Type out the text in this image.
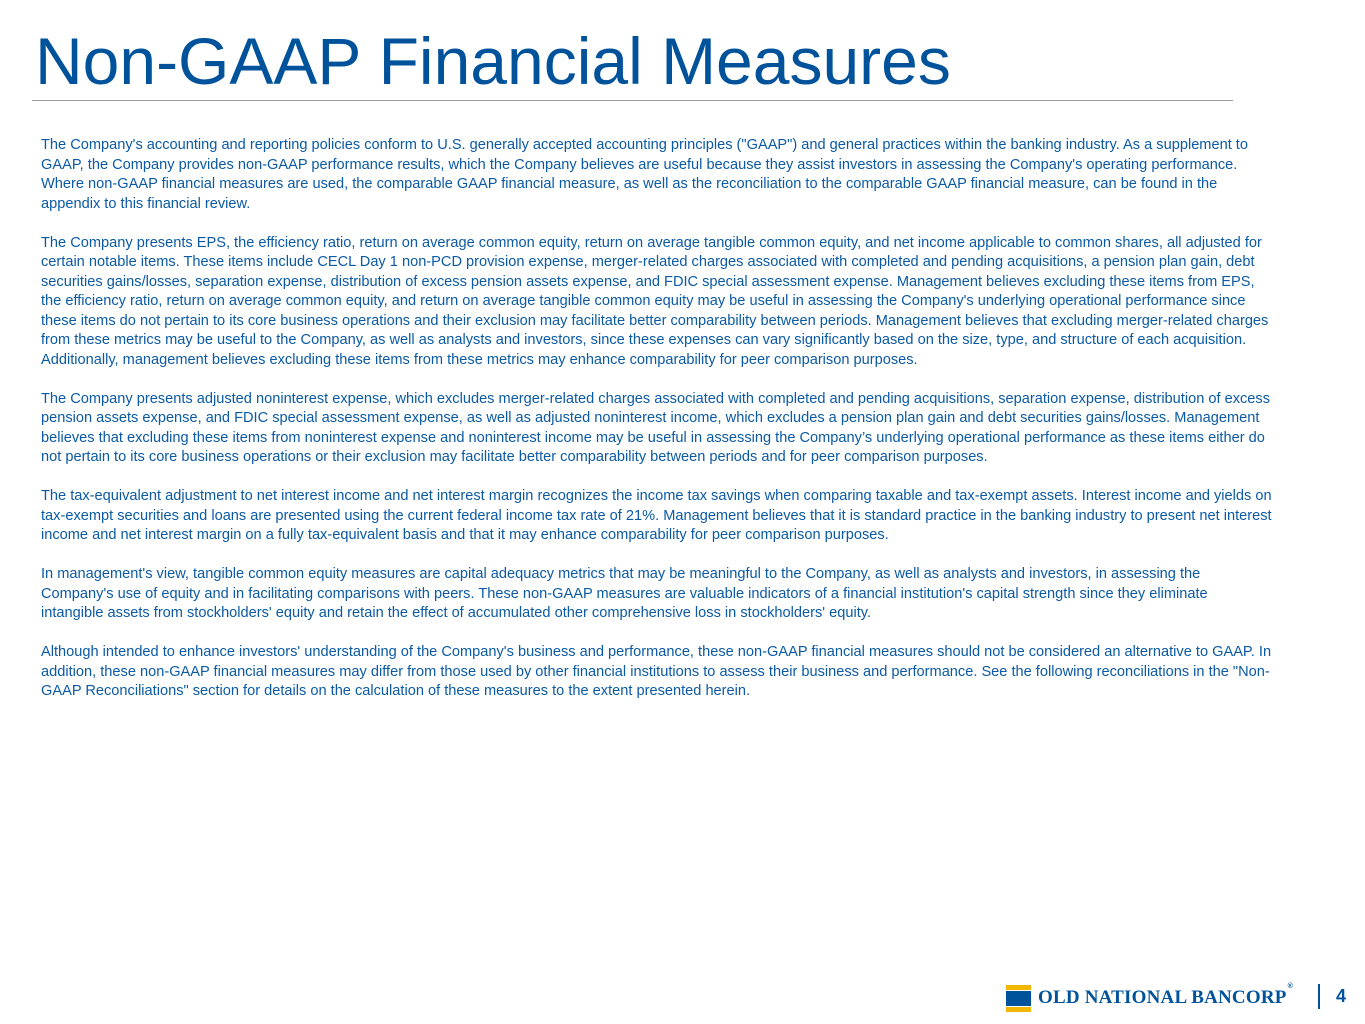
Non-GAAP Financial Measures

The Company's accounting and reporting policies conform to U.S. generally accepted accounting principles ("GAAP") and general practices within the banking industry. As a supplement to GAAP, the Company provides non-GAAP performance results, which the Company believes are useful because they assist investors in assessing the Company's operating performance. Where non-GAAP financial measures are used, the comparable GAAP financial measure, as well as the reconciliation to the comparable GAAP financial measure, can be found in the appendix to this financial review.

The Company presents EPS, the efficiency ratio, return on average common equity, return on average tangible common equity, and net income applicable to common shares, all adjusted for certain notable items. These items include CECL Day 1 non-PCD provision expense, merger-related charges associated with completed and pending acquisitions, a pension plan gain, debt securities gains/losses, separation expense, distribution of excess pension assets expense, and FDIC special assessment expense. Management believes excluding these items from EPS, the efficiency ratio, return on average common equity, and return on average tangible common equity may be useful in assessing the Company's underlying operational performance since these items do not pertain to its core business operations and their exclusion may facilitate better comparability between periods. Management believes that excluding merger-related charges from these metrics may be useful to the Company, as well as analysts and investors, since these expenses can vary significantly based on the size, type, and structure of each acquisition. Additionally, management believes excluding these items from these metrics may enhance comparability for peer comparison purposes.

The Company presents adjusted noninterest expense, which excludes merger-related charges associated with completed and pending acquisitions, separation expense, distribution of excess pension assets expense, and FDIC special assessment expense, as well as adjusted noninterest income, which excludes a pension plan gain and debt securities gains/losses. Management believes that excluding these items from noninterest expense and noninterest income may be useful in assessing the Company’s underlying operational performance as these items either do not pertain to its core business operations or their exclusion may facilitate better comparability between periods and for peer comparison purposes.

The tax-equivalent adjustment to net interest income and net interest margin recognizes the income tax savings when comparing taxable and tax-exempt assets. Interest income and yields on tax-exempt securities and loans are presented using the current federal income tax rate of 21%. Management believes that it is standard practice in the banking industry to present net interest income and net interest margin on a fully tax-equivalent basis and that it may enhance comparability for peer comparison purposes.

In management's view, tangible common equity measures are capital adequacy metrics that may be meaningful to the Company, as well as analysts and investors, in assessing the Company's use of equity and in facilitating comparisons with peers. These non-GAAP measures are valuable indicators of a financial institution's capital strength since they eliminate intangible assets from stockholders' equity and retain the effect of accumulated other comprehensive loss in stockholders' equity.

Although intended to enhance investors' understanding of the Company's business and performance, these non-GAAP financial measures should not be considered an alternative to GAAP. In addition, these non-GAAP financial measures may differ from those used by other financial institutions to assess their business and performance. See the following reconciliations in the "Non-GAAP Reconciliations" section for details on the calculation of these measures to the extent presented herein.

OLD NATIONAL BANCORP® 4
